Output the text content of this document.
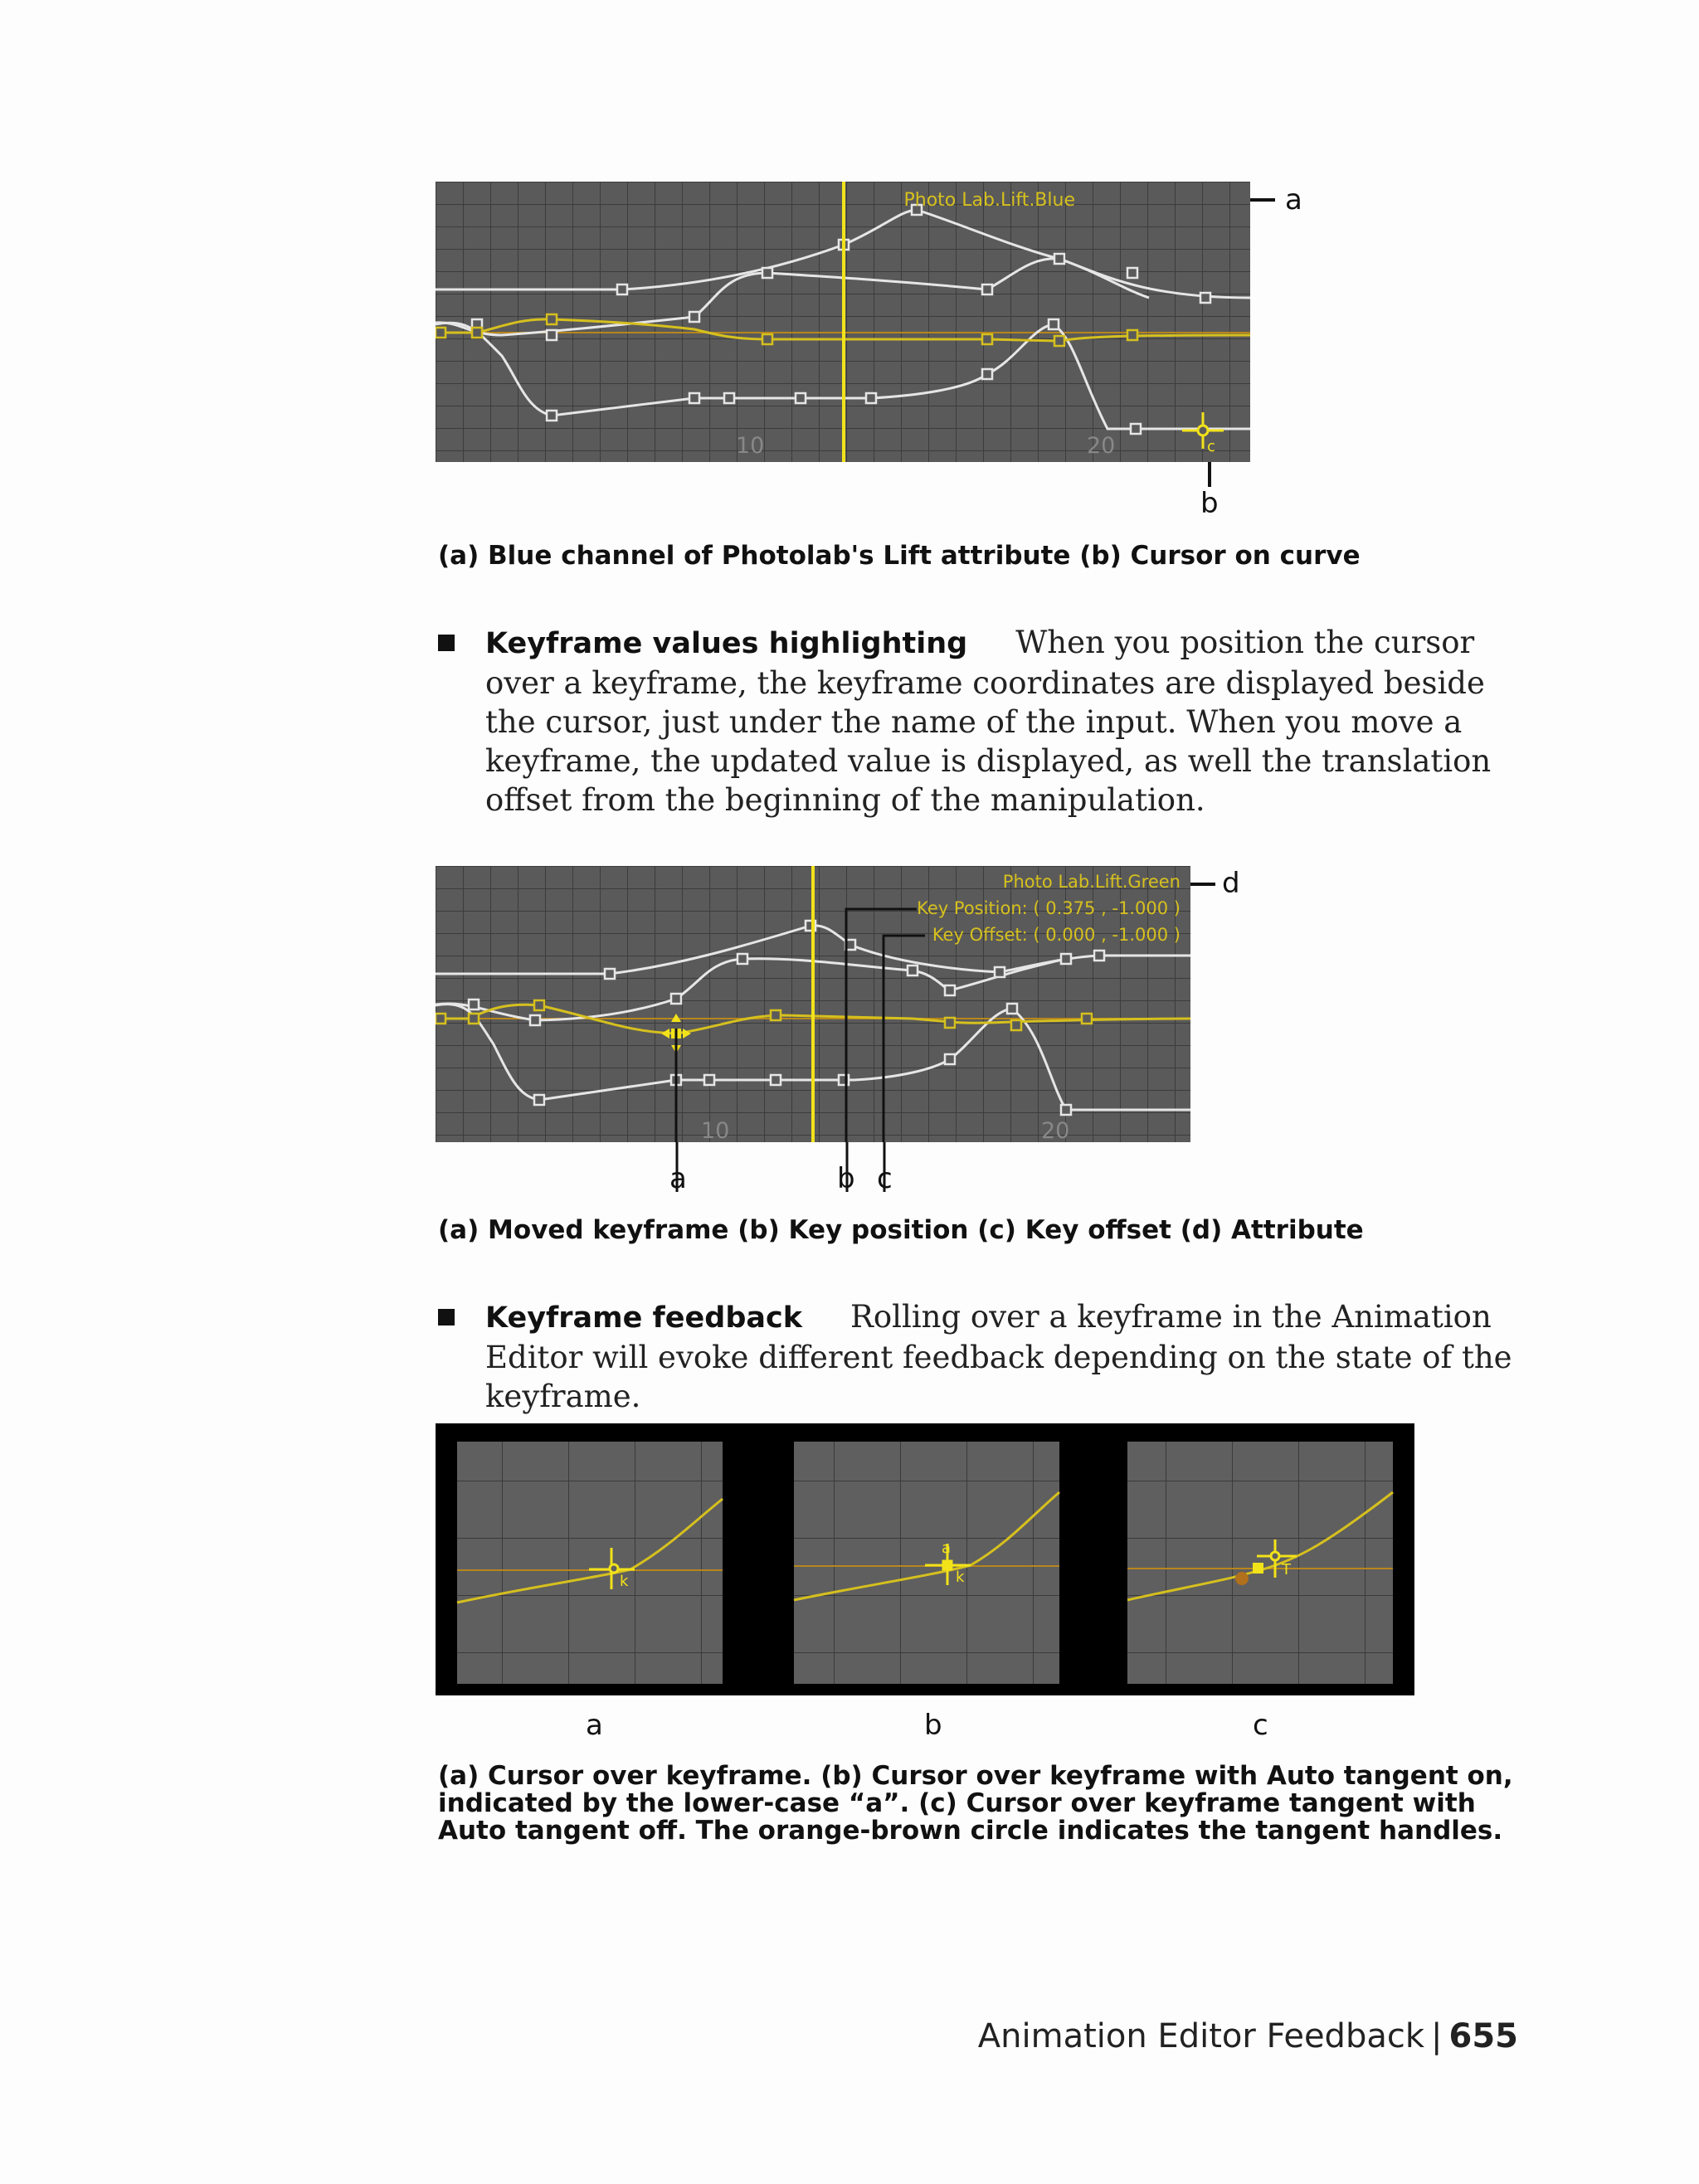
10	20
Photo Lab.Lift.Blue
c
a
b
(a) Blue channel of Photolab's Lift attribute (b) Cursor on curve
Keyframe values highlighting When you position the cursor over a keyframe, the keyframe coordinates are displayed beside the cursor, just under the name of the input. When you move a keyframe, the updated value is displayed, as well the translation offset from the beginning of the manipulation.
10	20
Photo Lab.Lift.Green
Key Position: ( 0.375 , -1.000 )
Key Offset: ( 0.000 , -1.000 )
a	b c
d
(a) Moved keyframe (b) Key position (c) Key offset (d) Attribute
Keyframe feedback Rolling over a keyframe in the Animation Editor will evoke different feedback depending on the state of the keyframe.
k
a
k	T
a	b	c
(a) Cursor over keyframe. (b) Cursor over keyframe with Auto tangent on, indicated by the lower-case “a”. (c) Cursor over keyframe tangent with Auto tangent off. The orange-brown circle indicates the tangent handles.
Animation Editor Feedback | 655
